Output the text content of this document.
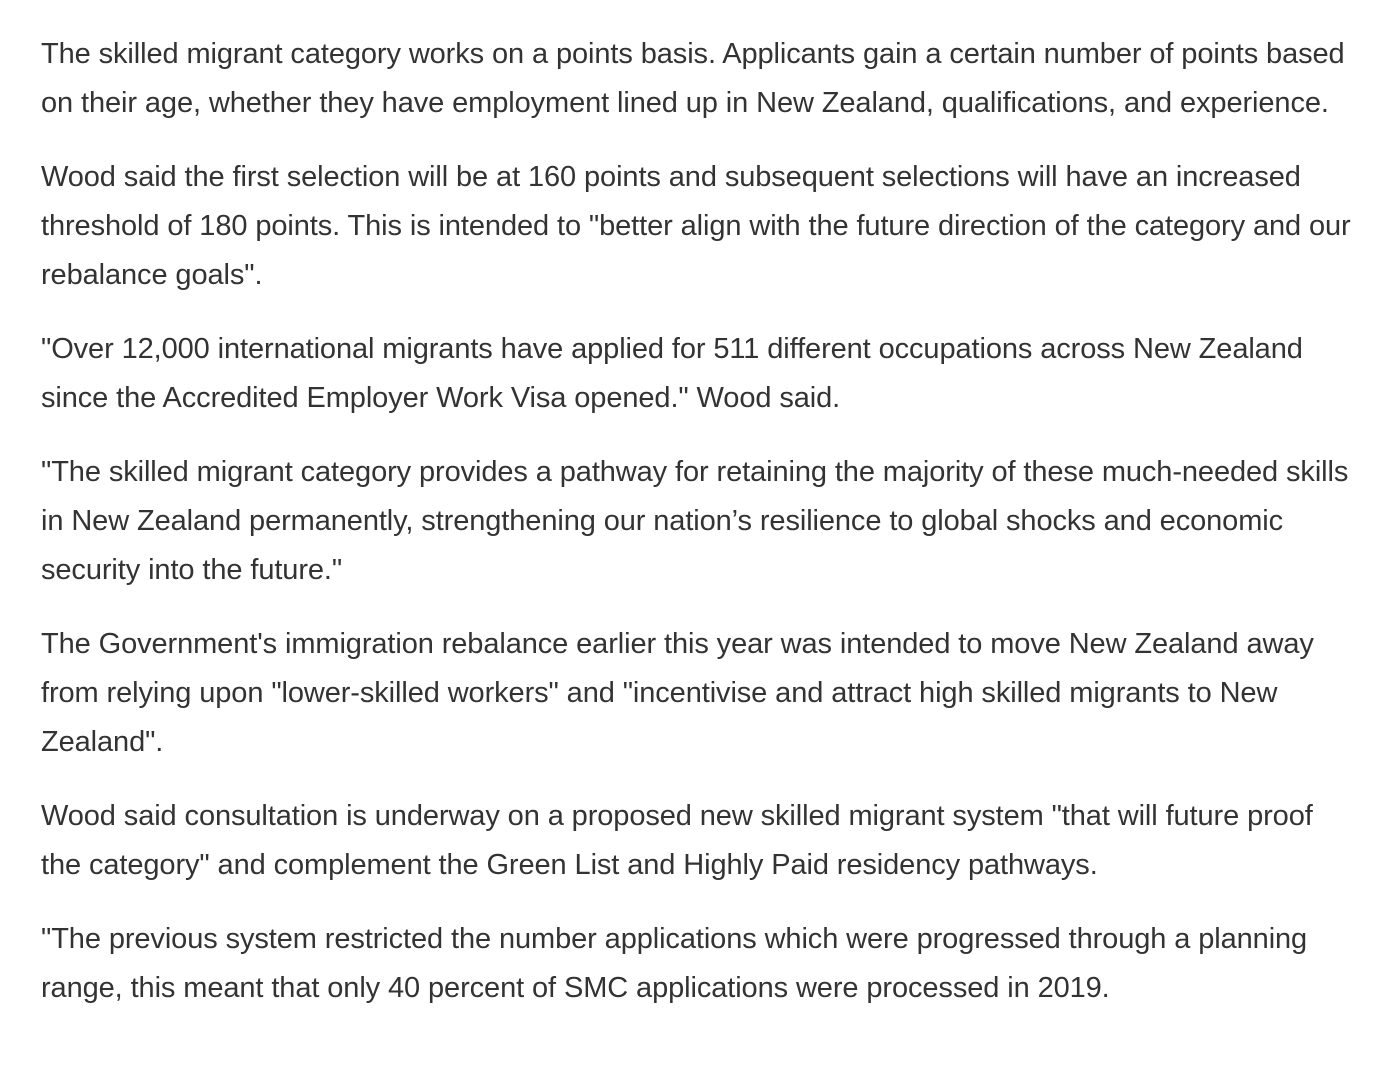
The skilled migrant category works on a points basis. Applicants gain a certain number of points based on their age, whether they have employment lined up in New Zealand, qualifications, and experience.

Wood said the first selection will be at 160 points and subsequent selections will have an increased threshold of 180 points. This is intended to "better align with the future direction of the category and our rebalance goals".

"Over 12,000 international migrants have applied for 511 different occupations across New Zealand since the Accredited Employer Work Visa opened." Wood said.

"The skilled migrant category provides a pathway for retaining the majority of these much-needed skills in New Zealand permanently, strengthening our nation’s resilience to global shocks and economic security into the future."

The Government's immigration rebalance earlier this year was intended to move New Zealand away from relying upon "lower-skilled workers" and "incentivise and attract high skilled migrants to New Zealand".

Wood said consultation is underway on a proposed new skilled migrant system "that will future proof the category" and complement the Green List and Highly Paid residency pathways.

"The previous system restricted the number applications which were progressed through a planning range, this meant that only 40 percent of SMC applications were processed in 2019.
